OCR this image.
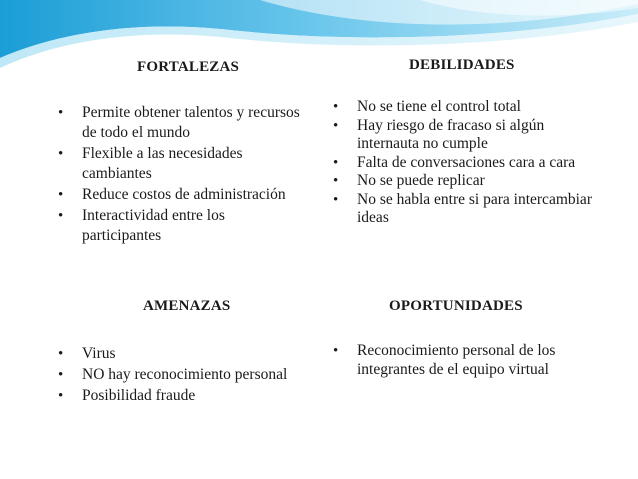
FORTALEZAS
• Permite obtener talentos y recursos de todo el mundo
• Flexible a las necesidades cambiantes
• Reduce costos de administración
• Interactividad entre los participantes
DEBILIDADES
• No se tiene el control total
• Hay riesgo de fracaso si algún internauta no cumple
• Falta de conversaciones cara a cara
• No se puede replicar
• No se habla entre si para intercambiar ideas
AMENAZAS
• Virus
• NO hay reconocimiento personal
• Posibilidad fraude
OPORTUNIDADES
• Reconocimiento personal de los integrantes de el equipo virtual
